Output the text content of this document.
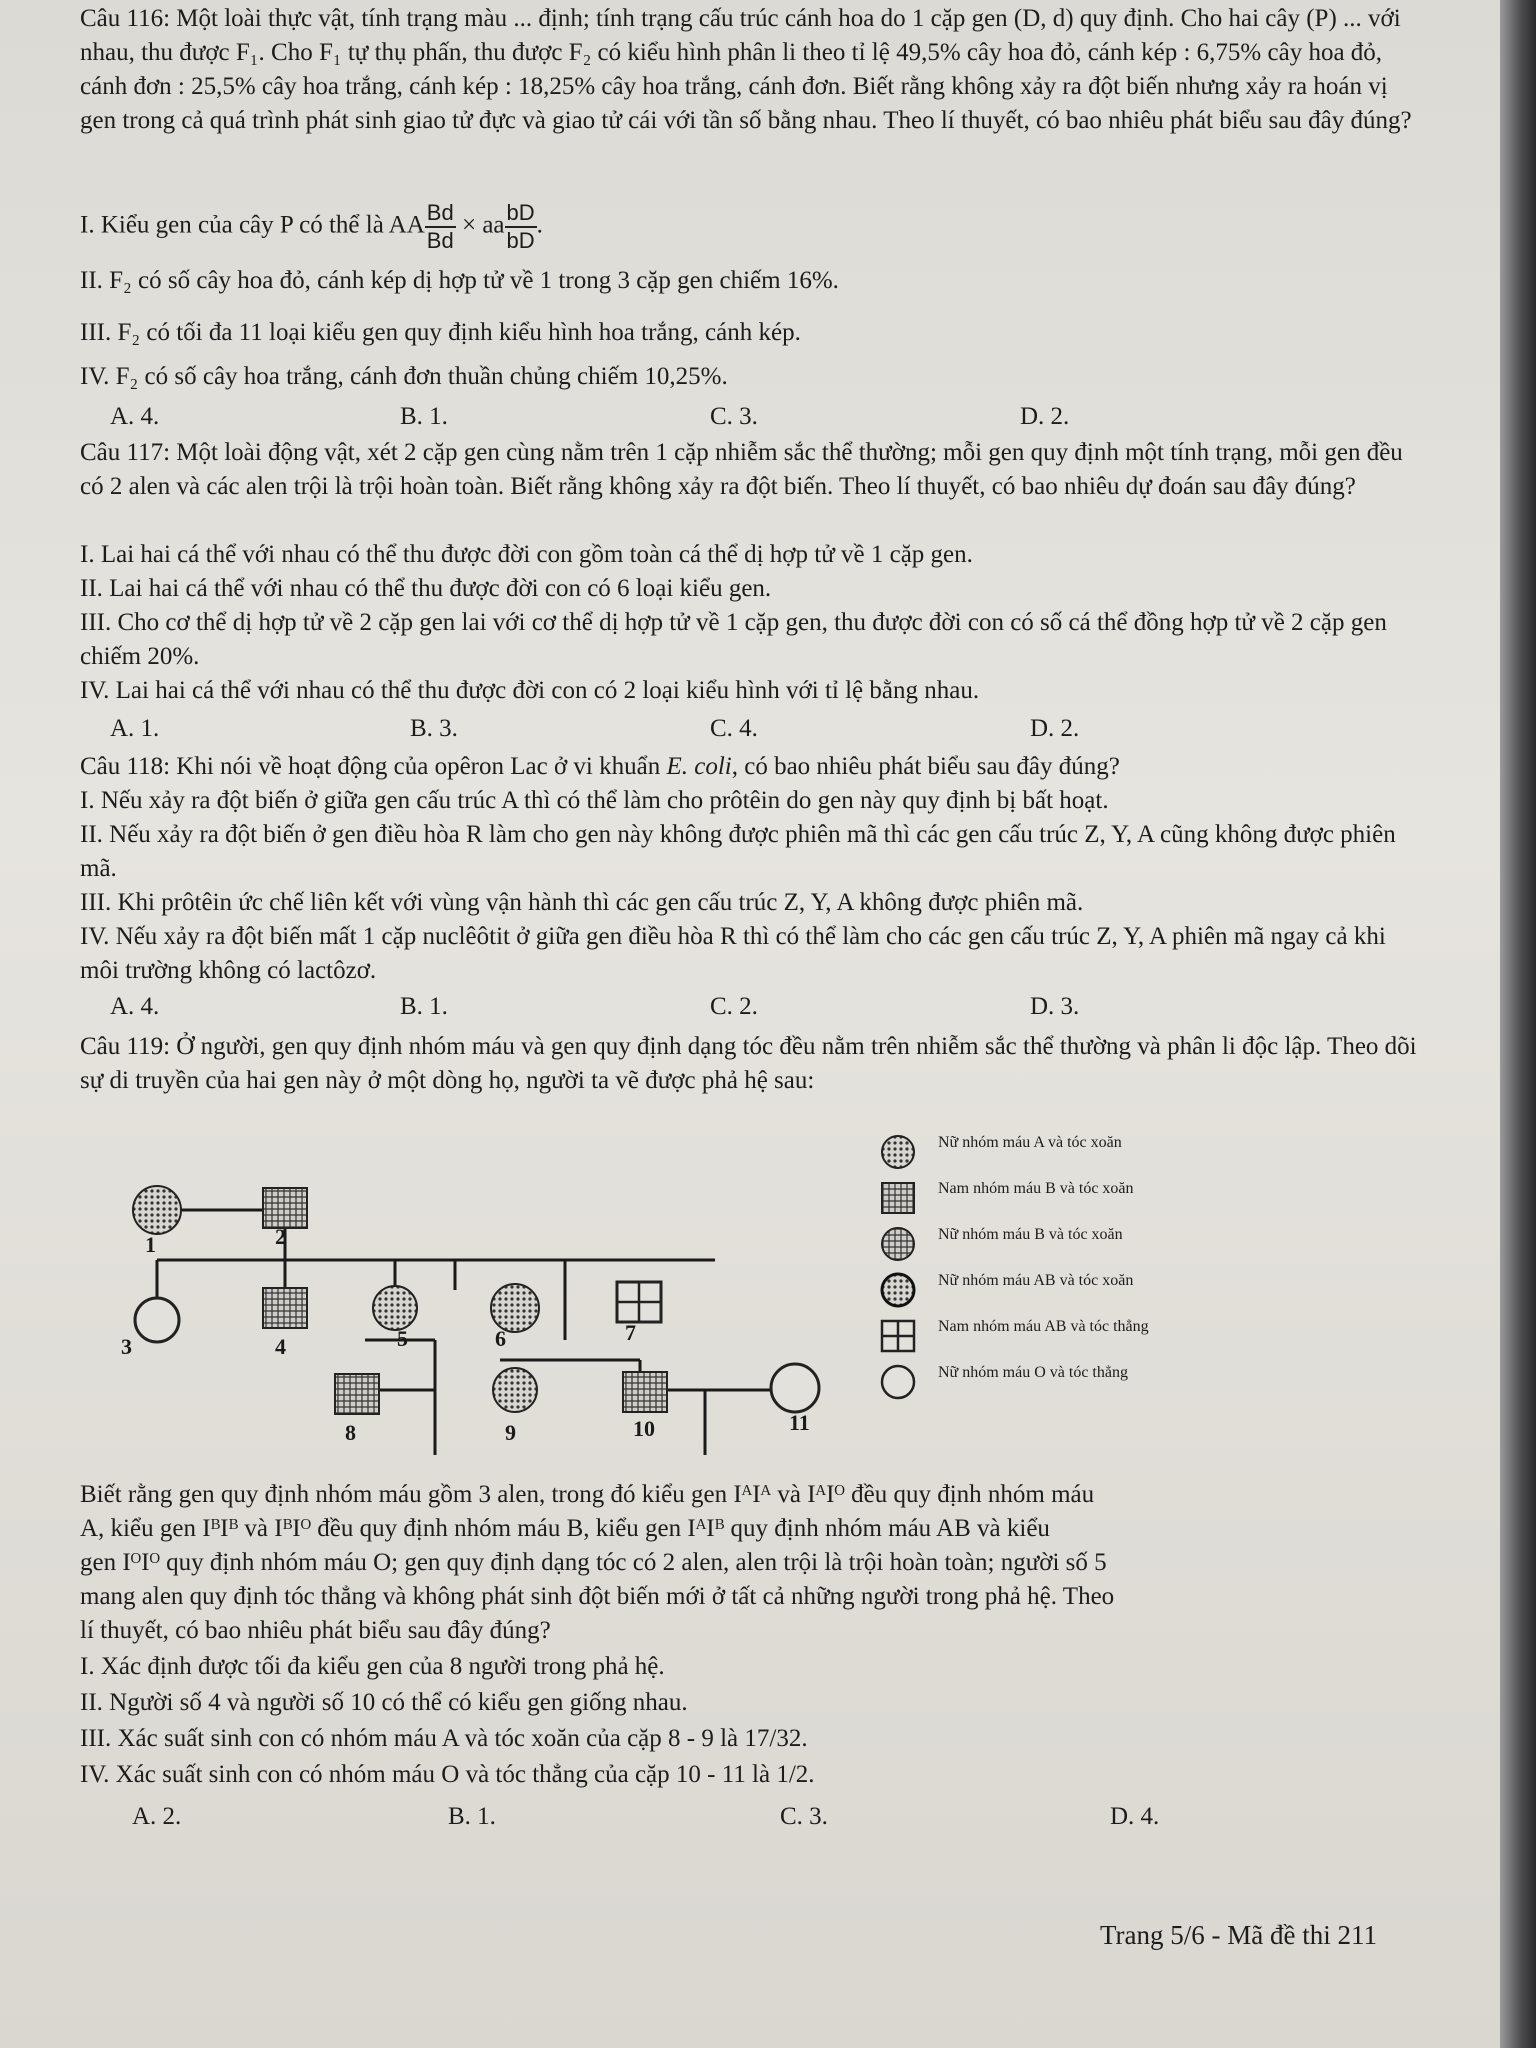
Câu 116: Một loài thực vật, tính trạng màu ... định; tính trạng cấu trúc cánh hoa do 1 cặp gen (D, d) quy định. Cho hai cây (P) ... với nhau, thu được F₁. Cho F₁ tự thụ phấn, thu được F₂ có kiểu hình phân li theo tỉ lệ 49,5% cây hoa đỏ, cánh kép : 6,75% cây hoa đỏ, cánh đơn : 25,5% cây hoa trắng, cánh kép : 18,25% cây hoa trắng, cánh đơn. Biết rằng không xảy ra đột biến nhưng xảy ra hoán vị gen trong cả quá trình phát sinh giao tử đực và giao tử cái với tần số bằng nhau. Theo lí thuyết, có bao nhiêu phát biểu sau đây đúng?

I. Kiểu gen của cây P có thể là AA $\frac{Bd}{Bd}$ × aa $\frac{bD}{bD}$ .

II. F₂ có số cây hoa đỏ, cánh kép dị hợp tử về 1 trong 3 cặp gen chiếm 16%.

III. F₂ có tối đa 11 loại kiểu gen quy định kiểu hình hoa trắng, cánh kép.

IV. F₂ có số cây hoa trắng, cánh đơn thuần chủng chiếm 10,25%.

A. 4.	B. 1.	C. 3.	D. 2.

Câu 117: Một loài động vật, xét 2 cặp gen cùng nằm trên 1 cặp nhiễm sắc thể thường; mỗi gen quy định một tính trạng, mỗi gen đều có 2 alen và các alen trội là trội hoàn toàn. Biết rằng không xảy ra đột biến. Theo lí thuyết, có bao nhiêu dự đoán sau đây đúng?

I. Lai hai cá thể với nhau có thể thu được đời con gồm toàn cá thể dị hợp tử về 1 cặp gen.

II. Lai hai cá thể với nhau có thể thu được đời con có 6 loại kiểu gen.

III. Cho cơ thể dị hợp tử về 2 cặp gen lai với cơ thể dị hợp tử về 1 cặp gen, thu được đời con có số cá thể đồng hợp tử về 2 cặp gen chiếm 20%.

IV. Lai hai cá thể với nhau có thể thu được đời con có 2 loại kiểu hình với tỉ lệ bằng nhau.

A. 1.	B. 3.	C. 4.	D. 2.

Câu 118: Khi nói về hoạt động của opêron Lac ở vi khuẩn E. coli, có bao nhiêu phát biểu sau đây đúng?

I. Nếu xảy ra đột biến ở giữa gen cấu trúc A thì có thể làm cho prôtêin do gen này quy định bị bất hoạt.

II. Nếu xảy ra đột biến ở gen điều hòa R làm cho gen này không được phiên mã thì các gen cấu trúc Z, Y, A cũng không được phiên mã.

III. Khi prôtêin ức chế liên kết với vùng vận hành thì các gen cấu trúc Z, Y, A không được phiên mã.

IV. Nếu xảy ra đột biến mất 1 cặp nuclêôtit ở giữa gen điều hòa R thì có thể làm cho các gen cấu trúc Z, Y, A phiên mã ngay cả khi môi trường không có lactôzơ.

A. 4.	B. 1.	C. 2.	D. 3.

Câu 119: Ở người, gen quy định nhóm máu và gen quy định dạng tóc đều nằm trên nhiễm sắc thể thường và phân li độc lập. Theo dõi sự di truyền của hai gen này ở một dòng họ, người ta vẽ được phả hệ sau:

1	2
3	4	5	6	7
8	9	10	11
Nữ nhóm máu A và tóc xoăn
Nam nhóm máu B và tóc xoăn
Nữ nhóm máu B và tóc xoăn
Nữ nhóm máu AB và tóc xoăn
Nam nhóm máu AB và tóc thẳng
Nữ nhóm máu O và tóc thẳng

Biết rằng gen quy định nhóm máu gồm 3 alen, trong đó kiểu gen IᴬIᴬ và IᴬIᴼ đều quy định nhóm máu

A, kiểu gen IᴮIᴮ và IᴮIᴼ đều quy định nhóm máu B, kiểu gen IᴬIᴮ quy định nhóm máu AB và kiểu

gen IᴼIᴼ quy định nhóm máu O; gen quy định dạng tóc có 2 alen, alen trội là trội hoàn toàn; người số 5

mang alen quy định tóc thẳng và không phát sinh đột biến mới ở tất cả những người trong phả hệ. Theo

lí thuyết, có bao nhiêu phát biểu sau đây đúng?

I. Xác định được tối đa kiểu gen của 8 người trong phả hệ.

II. Người số 4 và người số 10 có thể có kiểu gen giống nhau.

III. Xác suất sinh con có nhóm máu A và tóc xoăn của cặp 8 - 9 là 17/32.

IV. Xác suất sinh con có nhóm máu O và tóc thẳng của cặp 10 - 11 là 1/2.

A. 2.	B. 1.	C. 3.	D. 4.
Trang 5/6 - Mã đề thi 211
